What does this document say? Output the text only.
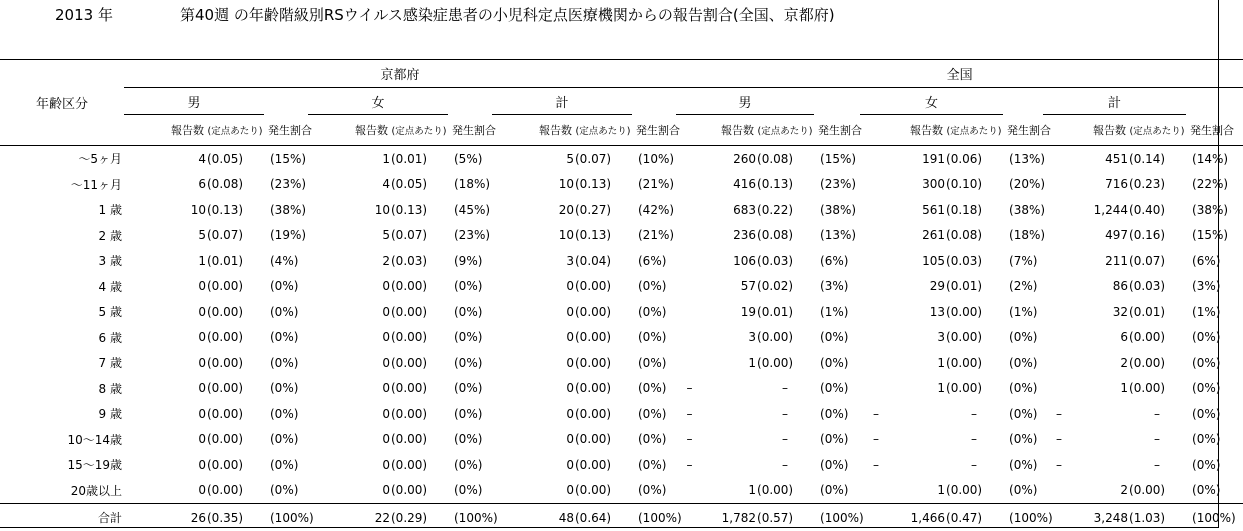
2013 年	第40週 の年齢階級別RSウイルス感染症患者の小児科定点医療機関からの報告割合(全国、京都府)
年齢区分	京都府												全国											
	男				女				計				男				女				計			
	報告数		(定点あたり)	発生割合	報告数		(定点あたり)	発生割合	報告数		(定点あたり)	発生割合	報告数		(定点あたり)	発生割合	報告数		(定点あたり)	発生割合	報告数		(定点あたり)	発生割合
～5ヶ月		4	(0.05)	(15%)		1	(0.01)	(5%)		5	(0.07)	(10%)		260	(0.08)	(15%)		191	(0.06)	(13%)		451	(0.14)	(14%)
～11ヶ月		6	(0.08)	(23%)		4	(0.05)	(18%)		10	(0.13)	(21%)		416	(0.13)	(23%)		300	(0.10)	(20%)		716	(0.23)	(22%)
1 歳		10	(0.13)	(38%)		10	(0.13)	(45%)		20	(0.27)	(42%)		683	(0.22)	(38%)		561	(0.18)	(38%)		1,244	(0.40)	(38%)
2 歳		5	(0.07)	(19%)		5	(0.07)	(23%)		10	(0.13)	(21%)		236	(0.08)	(13%)		261	(0.08)	(18%)		497	(0.16)	(15%)
3 歳		1	(0.01)	(4%)		2	(0.03)	(9%)		3	(0.04)	(6%)		106	(0.03)	(6%)		105	(0.03)	(7%)		211	(0.07)	(6%)
4 歳		0	(0.00)	(0%)		0	(0.00)	(0%)		0	(0.00)	(0%)		57	(0.02)	(3%)		29	(0.01)	(2%)		86	(0.03)	(3%)
5 歳		0	(0.00)	(0%)		0	(0.00)	(0%)		0	(0.00)	(0%)		19	(0.01)	(1%)		13	(0.00)	(1%)		32	(0.01)	(1%)
6 歳		0	(0.00)	(0%)		0	(0.00)	(0%)		0	(0.00)	(0%)		3	(0.00)	(0%)		3	(0.00)	(0%)		6	(0.00)	(0%)
7 歳		0	(0.00)	(0%)		0	(0.00)	(0%)		0	(0.00)	(0%)		1	(0.00)	(0%)		1	(0.00)	(0%)		2	(0.00)	(0%)
8 歳		0	(0.00)	(0%)		0	(0.00)	(0%)		0	(0.00)	(0%)	–		–	(0%)		1	(0.00)	(0%)		1	(0.00)	(0%)
9 歳		0	(0.00)	(0%)		0	(0.00)	(0%)		0	(0.00)	(0%)	–		–	(0%)	–		–	(0%)	–		–	(0%)
10～14歳		0	(0.00)	(0%)		0	(0.00)	(0%)		0	(0.00)	(0%)	–		–	(0%)	–		–	(0%)	–		–	(0%)
15～19歳		0	(0.00)	(0%)		0	(0.00)	(0%)		0	(0.00)	(0%)	–		–	(0%)	–		–	(0%)	–		–	(0%)
20歳以上		0	(0.00)	(0%)		0	(0.00)	(0%)		0	(0.00)	(0%)		1	(0.00)	(0%)		1	(0.00)	(0%)		2	(0.00)	(0%)
合計		26	(0.35)	(100%)		22	(0.29)	(100%)		48	(0.64)	(100%)		1,782	(0.57)	(100%)		1,466	(0.47)	(100%)		3,248	(1.03)	(100%)
